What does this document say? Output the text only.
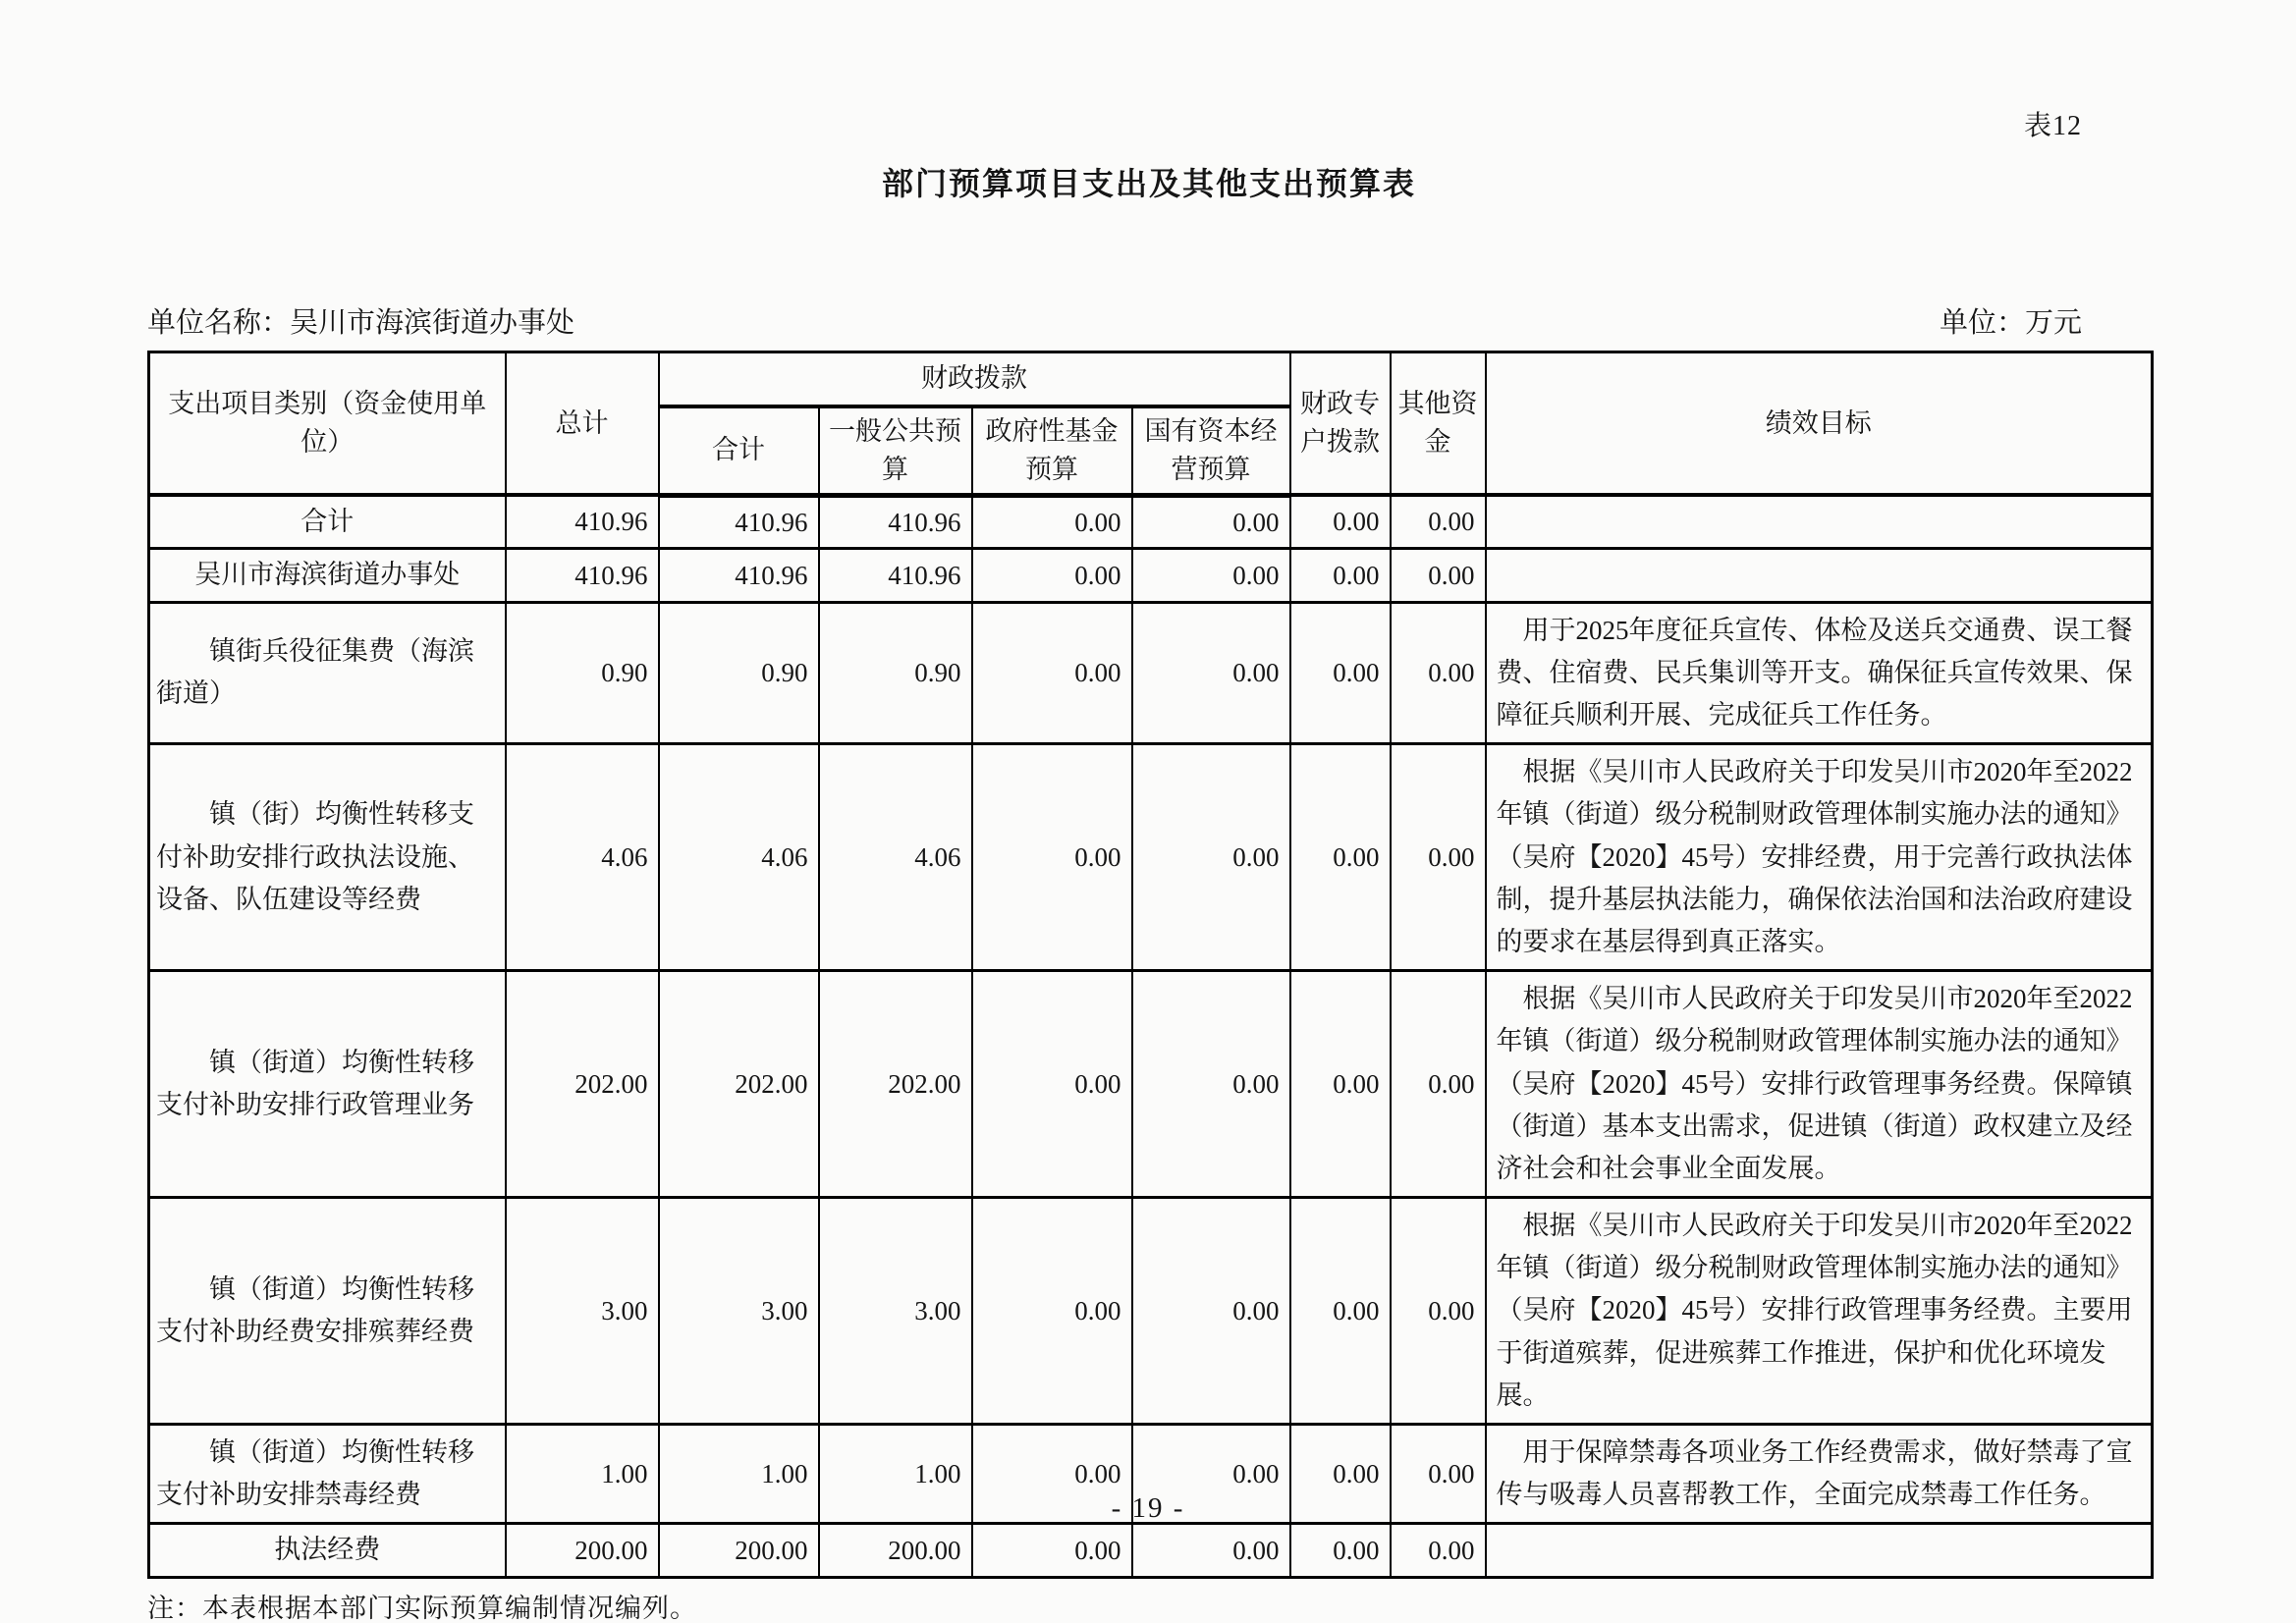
表12
部门预算项目支出及其他支出预算表
单位名称：吴川市海滨街道办事处	单位：万元
支出项目类别（资金使用单位）	总计	财政拨款				财政专户拨款	其他资金	绩效目标
		合计	一般公共预算	政府性基金预算	国有资本经营预算			
合计	410.96	410.96	410.96	0.00	0.00	0.00	0.00	
吴川市海滨街道办事处	410.96	410.96	410.96	0.00	0.00	0.00	0.00	
镇街兵役征集费（海滨街道）	0.90	0.90	0.90	0.00	0.00	0.00	0.00	用于2025年度征兵宣传、体检及送兵交通费、误工餐费、住宿费、民兵集训等开支。确保征兵宣传效果、保障征兵顺利开展、完成征兵工作任务。
镇（街）均衡性转移支付补助安排行政执法设施、设备、队伍建设等经费	4.06	4.06	4.06	0.00	0.00	0.00	0.00	根据《吴川市人民政府关于印发吴川市2020年至2022年镇（街道）级分税制财政管理体制实施办法的通知》（吴府【2020】45号）安排经费，用于完善行政执法体制，提升基层执法能力，确保依法治国和法治政府建设的要求在基层得到真正落实。
镇（街道）均衡性转移支付补助安排行政管理业务	202.00	202.00	202.00	0.00	0.00	0.00	0.00	根据《吴川市人民政府关于印发吴川市2020年至2022年镇（街道）级分税制财政管理体制实施办法的通知》（吴府【2020】45号）安排行政管理事务经费。保障镇（街道）基本支出需求，促进镇（街道）政权建立及经济社会和社会事业全面发展。
镇（街道）均衡性转移支付补助经费安排殡葬经费	3.00	3.00	3.00	0.00	0.00	0.00	0.00	根据《吴川市人民政府关于印发吴川市2020年至2022年镇（街道）级分税制财政管理体制实施办法的通知》（吴府【2020】45号）安排行政管理事务经费。主要用于街道殡葬，促进殡葬工作推进，保护和优化环境发展。
镇（街道）均衡性转移支付补助安排禁毒经费	1.00	1.00	1.00	0.00	0.00	0.00	0.00	用于保障禁毒各项业务工作经费需求，做好禁毒了宣传与吸毒人员喜帮教工作，全面完成禁毒工作任务。
执法经费	200.00	200.00	200.00	0.00	0.00	0.00	0.00	
注：本表根据本部门实际预算编制情况编列。
- 19 -
